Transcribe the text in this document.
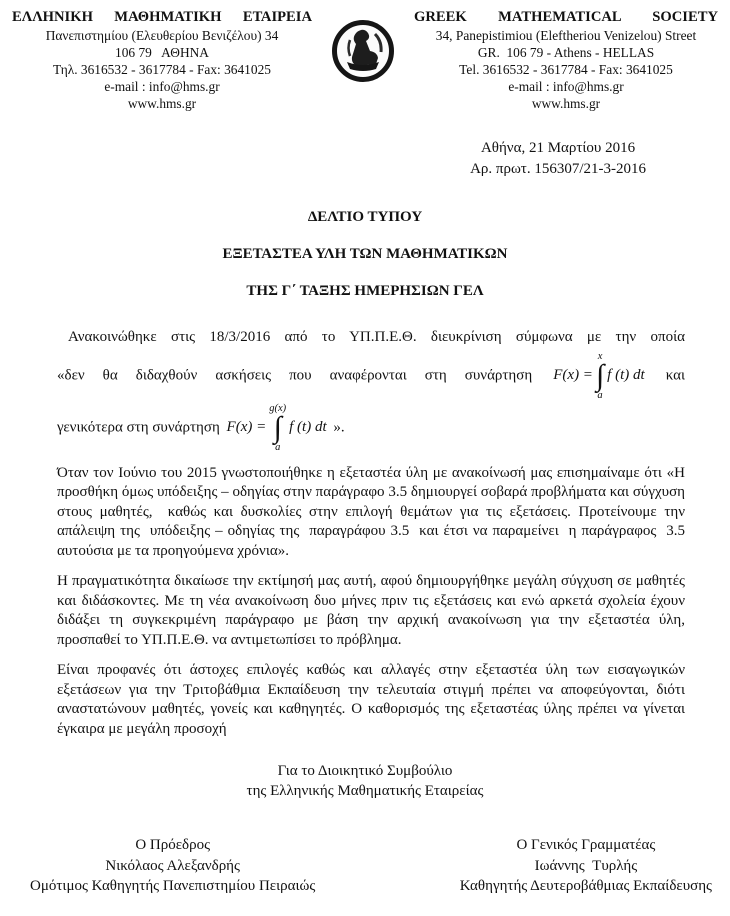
ΕΛΛΗΝΙΚΗ ΜΑΘΗΜΑΤΙΚΗ ΕΤΑΙΡΕΙΑ
Πανεπιστημίου (Ελευθερίου Βενιζέλου) 34
106 79   ΑΘΗΝΑ
Τηλ. 3616532 - 3617784 - Fax: 3641025
e-mail : info@hms.gr
www.hms.gr
GREEK MATHEMATICAL SOCIETY
34, Panepistimiou (Eleftheriou Venizelou) Street
GR.  106 79 - Athens - HELLAS
Tel. 3616532 - 3617784 - Fax: 3641025
e-mail : info@hms.gr
www.hms.gr
Αθήνα, 21 Μαρτίου 2016
Αρ. πρωτ. 156307/21-3-2016
ΔΕΛΤΙΟ ΤΥΠΟΥ
ΕΞΕΤΑΣΤΕΑ ΥΛΗ ΤΩΝ ΜΑΘΗΜΑΤΙΚΩΝ
ΤΗΣ Γ΄ ΤΑΞΗΣ ΗΜΕΡΗΣΙΩΝ ΓΕΛ
Ανακοινώθηκε στις 18/3/2016 από το ΥΠ.Π.Ε.Θ. διευκρίνιση σύμφωνα με την οποία
«δεν θα διδαχθούν ασκήσεις που αναφέρονται στη συνάρτηση F(x) =
x
∫
a
f (t) dt και
γενικότερα στη συνάρτηση F(x) =
g(x)
∫
a
f (t) dt ».

Όταν τον Ιούνιο του 2015 γνωστοποιήθηκε η εξεταστέα ύλη με ανακοίνωσή μας επισημαίναμε ότι «Η προσθήκη όμως υπόδειξης – οδηγίας στην παράγραφο 3.5 δημιουργεί σοβαρά προβλήματα και σύγχυση στους μαθητές,  καθώς και δυσκολίες στην επιλογή θεμάτων για τις εξετάσεις. Προτείνουμε την απάλειψη της  υπόδειξης – οδηγίας της  παραγράφου 3.5  και έτσι να παραμείνει  η παράγραφος  3.5 αυτούσια με τα προηγούμενα χρόνια».

Η πραγματικότητα δικαίωσε την εκτίμησή μας αυτή, αφού δημιουργήθηκε μεγάλη σύγχυση σε μαθητές και διδάσκοντες. Με τη νέα ανακοίνωση δυο μήνες πριν τις εξετάσεις και ενώ αρκετά σχολεία έχουν διδάξει τη συγκεκριμένη παράγραφο με βάση την αρχική ανακοίνωση για την εξεταστέα ύλη, προσπαθεί το ΥΠ.Π.Ε.Θ. να αντιμετωπίσει το πρόβλημα.

Είναι προφανές ότι άστοχες επιλογές καθώς και αλλαγές στην εξεταστέα ύλη των εισαγωγικών εξετάσεων για την Τριτοβάθμια Εκπαίδευση την τελευταία στιγμή πρέπει να αποφεύγονται, διότι αναστατώνουν μαθητές, γονείς και καθηγητές. Ο καθορισμός της εξεταστέας ύλης πρέπει να γίνεται έγκαιρα με μεγάλη προσοχή

Για το Διοικητικό Συμβούλιο
της Ελληνικής Μαθηματικής Εταιρείας
Ο Πρόεδρος
Νικόλαος Αλεξανδρής
Ομότιμος Καθηγητής Πανεπιστημίου Πειραιώς
Ο Γενικός Γραμματέας
Ιωάννης  Τυρλής
Καθηγητής Δευτεροβάθμιας Εκπαίδευσης
